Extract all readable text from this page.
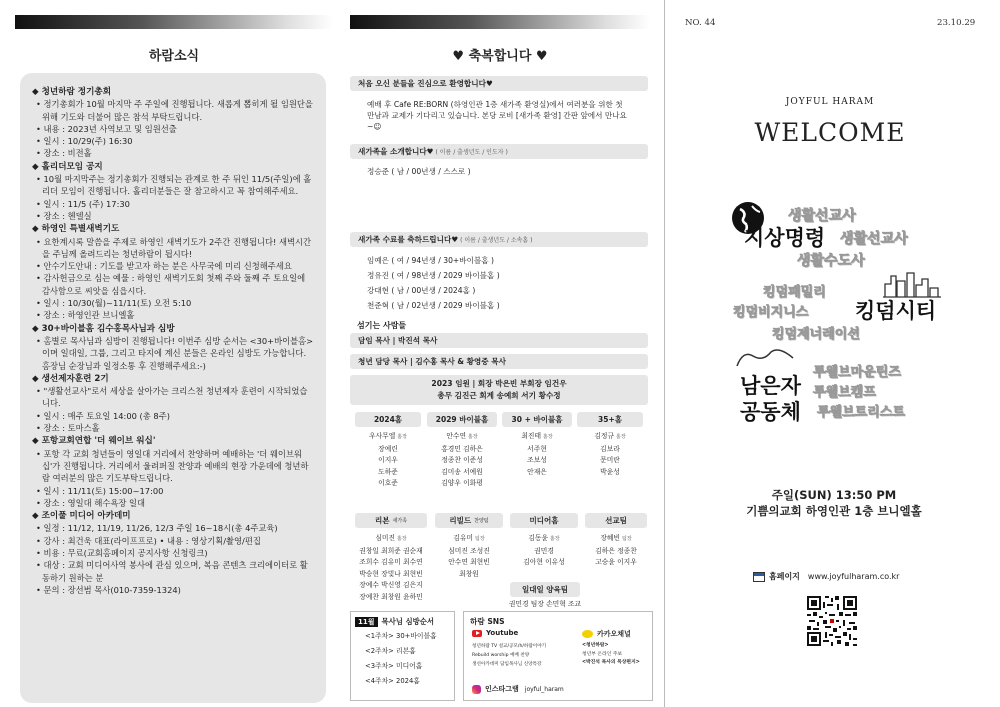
하람소식
◆ 청년하람 정기총회
• 정기총회가 10월 마지막 주 주일에 진행됩니다. 새롭게 뽑히게 될 임원단을 위해 기도와 더불어 많은 참석 부탁드립니다.
• 내용 : 2023년 사역보고 및 임원선출
• 일시 : 10/29(주) 16:30
• 장소 : 비전홀
◆ 홀리더모임 공지
• 10월 마지막주는 정기총회가 진행되는 관계로 한 주 뒤인 11/5(주일)에 홀리더 모임이 진행됩니다. 홀리더분들은 잘 참고하시고 꼭 참여해주세요.
• 일시 : 11/5 (주) 17:30
• 장소 : 헨델실
◆ 하영인 특별새벽기도
• 요한계시록 말씀을 주제로 하영인 새벽기도가 2주간 진행됩니다! 새벽시간을 주님께 올려드리는 청년하람이 됩시다!
• 안수기도안내 : 기도를 받고자 하는 분은 사무국에 미리 신청해주세요
• 감사헌금으로 심는 예물 : 하영인 새벽기도회 첫째 주와 둘째 주 토요일에 감사함으로 씨앗을 심읍시다.
• 일시 : 10/30(월)~11/11(토) 오전 5:10
• 장소 : 하영인관 브니엘홀
◆ 30+바이블홈 김수홍목사님과 심방
• 홈별로 목사님과 심방이 진행됩니다! 이번주 심방 순서는 <30+바이블홈>이며 일대일, 그룹, 그리고 타지에 계신 분들은 온라인 심방도 가능합니다. 홈장님 순장님과 일정소통 후 진행해주세요:-)
◆ 생선제자훈련 2기
• "생활선교사"로서 세상을 살아가는 크리스천 청년제자 훈련이 시작되었습니다.
• 일시 : 매주 토요일 14:00 (총 8주)
• 장소 : 토마스홀
◆ 포항교회연합 '더 웨이브 워십'
• 포항 각 교회 청년들이 영일대 거리에서 찬양하며 예배하는 '더 웨이브워십'가 진행됩니다. 거리에서 울려퍼질 찬양과 예배의 현장 가운데에 청년하람 여러분의 많은 기도부탁드립니다.
• 일시 : 11/11(토) 15:00~17:00
• 장소 : 영일대 해수욕장 일대
◆ 조이풀 미디어 아카데미
• 일정 : 11/12, 11/19, 11/26, 12/3 주일 16~18시(총 4주교육)
• 강사 : 최건욱 대표(라이프프로) • 내용 : 영상기획/촬영/편집
• 비용 : 무료(교회홈페이지 공지사항 신청링크)
• 대상 : 교회 미디어사역 봉사에 관심 있으며, 복음 콘텐츠 크리에이터로 활동하기 원하는 분
• 문의 : 장선범 목사(010-7359-1324)
♥ 축복합니다 ♥
처음 오신 분들을 진심으로 환영합니다♥
예배 후 Cafe RE:BORN (하영인관 1층 새가족 환영실)에서 여러분을 위한 첫 만남과 교제가 기다리고 있습니다. 본당 로비 [새가족 환영] 간판 앞에서 만나요~☺
새가족을 소개합니다♥ ( 이름 / 출생년도 / 인도자 )
정승준 ( 남 / 00년생 / 스스로 )
새가족 수료를 축하드립니다♥ ( 이름 / 출생년도 / 소속홈 )
임예은 ( 여 / 94년생 / 30+바이블홈 )
정유진 ( 여 / 98년생 / 2029 바이블홈 )
강대현 ( 남 / 00년생 / 2024홈 )
천준혁 ( 남 / 02년생 / 2029 바이블홈 )
섬기는 사람들
담임 목사 | 박진석 목사
청년 담당 목사 | 김수홍 목사 & 황영중 목사
2023 임원 | 회장 박은빈 부회장 임건우
총무 김진근 회계 송예희 서기 황수정
일대일 양육팀
권민경 팀장 손민혁 조교
11월 목사님 심방순서
<1주차> 30+바이블홈
<2주차> 리본홈
<3주차> 미디어홈
<4주차> 2024홈
하람 SNS
Youtube
청년하람 TV 설교/공모/h/하람이야기
Rebuild worship 예배 찬양
생선아카데미 담임목사님 신앙특강
카카오채널
<청년하람>
청년부 온라인 주보
<박진석 목사의 묵상편지>
인스타그램 joyful_haram
2024홈
우사무엘 홈장
장예린
이지우
도하준
이호준
2029 바이블홈
안수연 홈장
홍경민 김하은
정종찬 이준성
김미송 서예원
김양우 이화평
30 + 바이블홈
최진태 홈장
서주현
조보성
안재은
35+홈
김정규 홈장
김보라
문미란
박윤성
리본 새가족
심미진 홈장
권창일 최희준 권순재
조희수 김유미 최수연
박승현 장빛나 최현빈
장예수 박신영 김은지
장예찬 최창원 윤하민
리빌드 찬양팀
김유미 팀장
심미진 조성진
안수연 최현빈
최창원
미디어홈
김동윤 홈장
권민경
김아현 이유성
선교팀
장혜빈 팀장
김하은 정종찬
고승윤 이지우
NO. 44	23.10.29
JOYFUL HARAM
WELCOME
생활선교사
지상명령 생활선교사
생활수도사
킹덤패밀리
킹덤비지니스 킹덤시티
킹덤제너레이션
남은자
공동체
투웰브마운틴즈
투웰브캠프
투웰브트리스트
주일(SUN) 13:50 PM
기쁨의교회 하영인관 1층 브니엘홀
홈페이지 www.joyfulharam.co.kr
